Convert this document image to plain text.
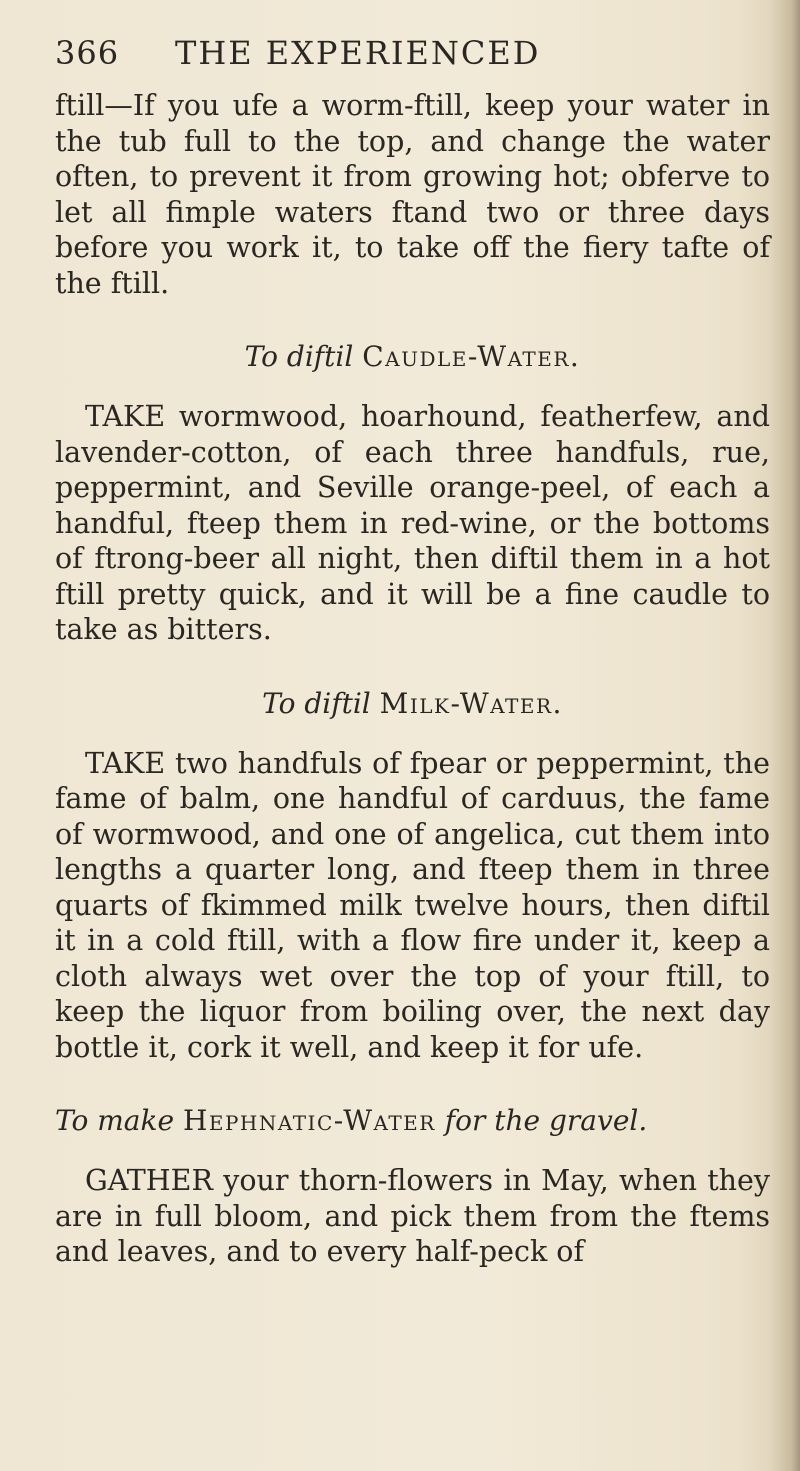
366 THE EXPERIENCED

ftill—If you ufe a worm-ftill, keep your water in the tub full to the top, and change the water often, to prevent it from growing hot; obferve to let all fimple waters ftand two or three days before you work it, to take off the fiery tafte of the ftill.

To diftil Caudle-Water.

TAKE wormwood, hoarhound, featherfew, and lavender-cotton, of each three handfuls, rue, peppermint, and Seville orange-peel, of each a handful, fteep them in red-wine, or the bottoms of ftrong-beer all night, then diftil them in a hot ftill pretty quick, and it will be a fine caudle to take as bitters.

To diftil Milk-Water.

TAKE two handfuls of fpear or peppermint, the fame of balm, one handful of carduus, the fame of wormwood, and one of angelica, cut them into lengths a quarter long, and fteep them in three quarts of fkimmed milk twelve hours, then diftil it in a cold ftill, with a flow fire under it, keep a cloth always wet over the top of your ftill, to keep the liquor from boiling over, the next day bottle it, cork it well, and keep it for ufe.

To make Hephnatic-Water for the gravel.

GATHER your thorn-flowers in May, when they are in full bloom, and pick them from the ftems and leaves, and to every half-peck of
